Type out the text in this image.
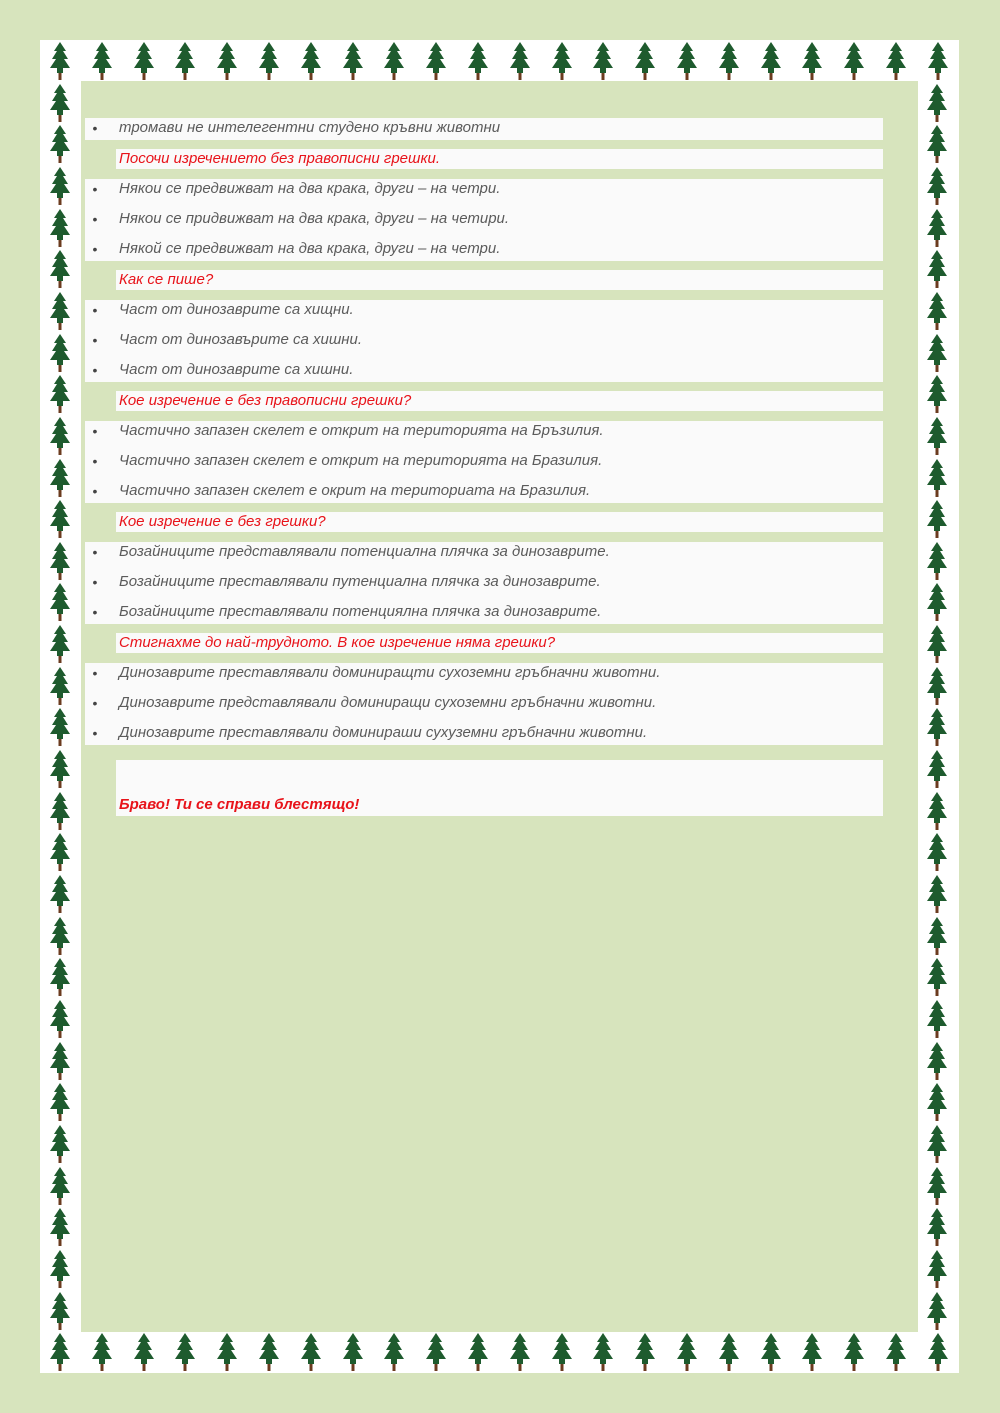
• тромави не интелегентни студено кръвни животни
Посочи изречението без правописни грешки.
• Някои се предвижват на два крака, други – на четри.
• Някои се придвижват на два крака, други – на четири.
• Някой се предвижват на два крака, други – на четри.
Как се пише?
• Част от динозаврите са хищни.
• Част от динозавърите са хишни.
• Част от динозаврите са хишни.
Кое изречение е без правописни грешки?
• Частично запазен скелет е открит на територията на Бръзилия.
• Частично запазен скелет е открит на територията на Бразилия.
• Частично запазен скелет е окрит на териториата на Бразилия.
Кое изречение е без грешки?
• Бозайниците представлявали потенциална плячка за динозаврите.
• Бозайниците преставлявали путенциална плячка за динозаврите.
• Бозайниците преставлявали потенциялна плячка за динозаврите.
Стигнахме до най-трудното. В кое изречение няма грешки?
• Динозаврите преставлявали доминиращти сухоземни гръбначни животни.
• Динозаврите представлявали доминиращи сухоземни гръбначни животни.
• Динозаврите преставлявали доминираши сухуземни гръбначни животни.
Браво! Ти се справи блестящо!
